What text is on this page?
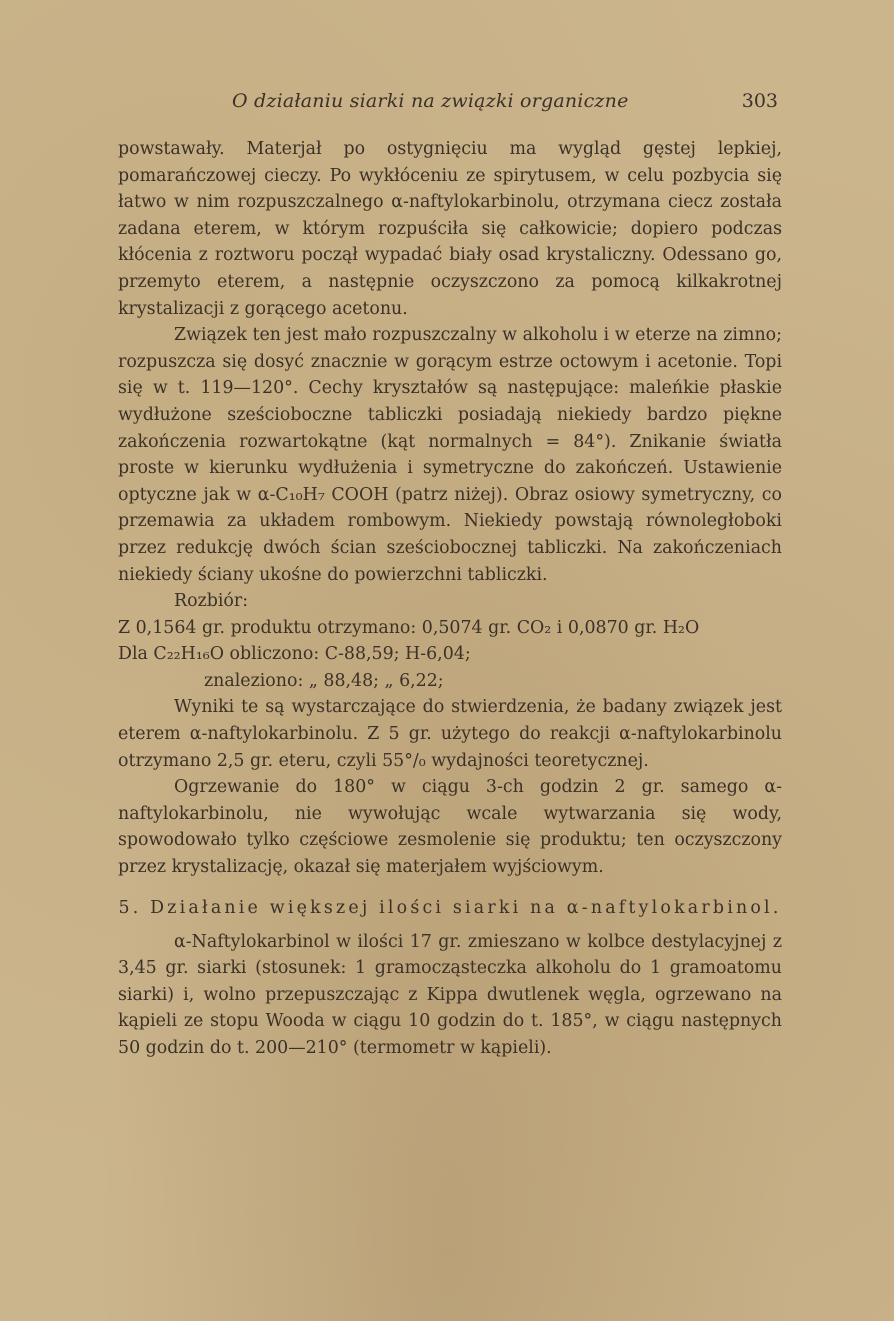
O działaniu siarki na związki organiczne	303

powstawały. Materjał po ostygnięciu ma wygląd gęstej lepkiej, pomarańczowej cieczy. Po wykłóceniu ze spirytusem, w celu pozbycia się łatwo w nim rozpuszczalnego α-naftylokarbinolu, otrzymana ciecz została zadana eterem, w którym rozpuściła się całkowicie; dopiero podczas kłócenia z roztworu począł wypadać biały osad krystaliczny. Odessano go, przemyto eterem, a następnie oczyszczono za pomocą kilkakrotnej krystalizacji z gorącego acetonu.

Związek ten jest mało rozpuszczalny w alkoholu i w eterze na zimno; rozpuszcza się dosyć znacznie w gorącym estrze octowym i acetonie. Topi się w t. 119—120°. Cechy kryształów są następujące: maleńkie płaskie wydłużone sześcioboczne tabliczki posiadają niekiedy bardzo piękne zakończenia rozwartokątne (kąt normalnych = 84°). Znikanie światła proste w kierunku wydłużenia i symetryczne do zakończeń. Ustawienie optyczne jak w α-C₁₀H₇ COOH (patrz niżej). Obraz osiowy symetryczny, co przemawia za układem rombowym. Niekiedy powstają równoległoboki przez redukcję dwóch ścian sześciobocznej tabliczki. Na zakończeniach niekiedy ściany ukośne do powierzchni tabliczki.

Rozbiór:

Z 0,1564 gr. produktu otrzymano: 0,5074 gr. CO₂ i 0,0870 gr. H₂O

Dla C₂₂H₁₆O obliczono: C-88,59; H-6,04;

znaleziono: „ 88,48; „ 6,22;

Wyniki te są wystarczające do stwierdzenia, że badany związek jest eterem α-naftylokarbinolu. Z 5 gr. użytego do reakcji α-naftylokarbinolu otrzymano 2,5 gr. eteru, czyli 55°/₀ wydajności teoretycznej.

Ogrzewanie do 180° w ciągu 3-ch godzin 2 gr. samego α-naftylokarbinolu, nie wywołując wcale wytwarzania się wody, spowodowało tylko częściowe zesmolenie się produktu; ten oczyszczony przez krystalizację, okazał się materjałem wyjściowym.

5. Działanie większej ilości siarki na α-naftylokarbinol.

α-Naftylokarbinol w ilości 17 gr. zmieszano w kolbce destylacyjnej z 3,45 gr. siarki (stosunek: 1 gramocząsteczka alkoholu do 1 gramoatomu siarki) i, wolno przepuszczając z Kippa dwutlenek węgla, ogrzewano na kąpieli ze stopu Wooda w ciągu 10 godzin do t. 185°, w ciągu następnych 50 godzin do t. 200—210° (termometr w kąpieli).
